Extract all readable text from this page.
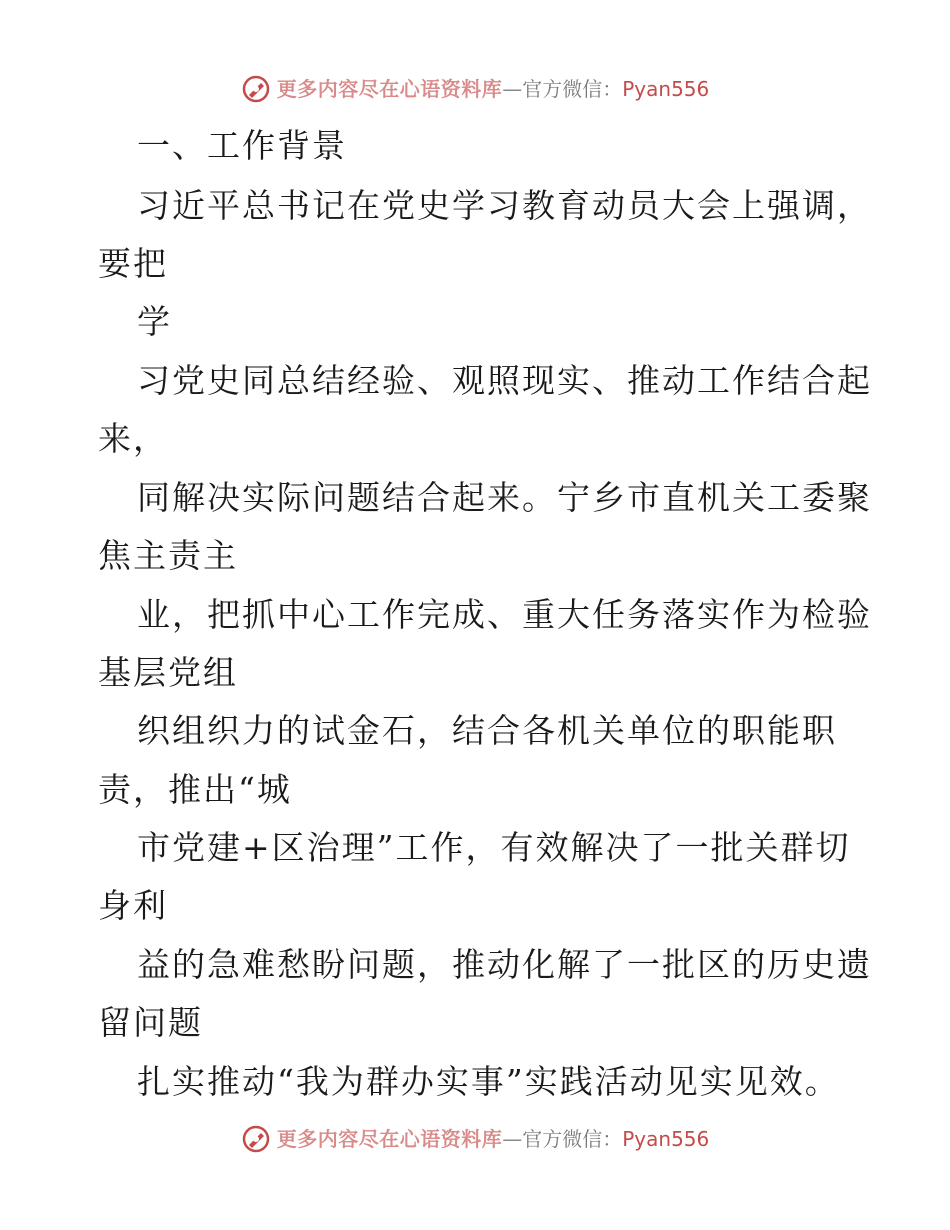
更多内容尽在心语资料库 — 官方微信： Pyan556

一、工作背景

习近平总书记在党史学习教育动员大会上强调，

要把

学

习党史同总结经验、观照现实、推动工作结合起

来，

同解决实际问题结合起来。宁乡市直机关工委聚

焦主责主

业，把抓中心工作完成、重大任务落实作为检验

基层党组

织组织力的试金石，结合各机关单位的职能职

责，推出“城

市党建+区治理”工作，有效解决了一批关群切

身利

益的急难愁盼问题，推动化解了一批区的历史遗

留问题

扎实推动“我为群办实事”实践活动见实见效。

更多内容尽在心语资料库 — 官方微信： Pyan556
